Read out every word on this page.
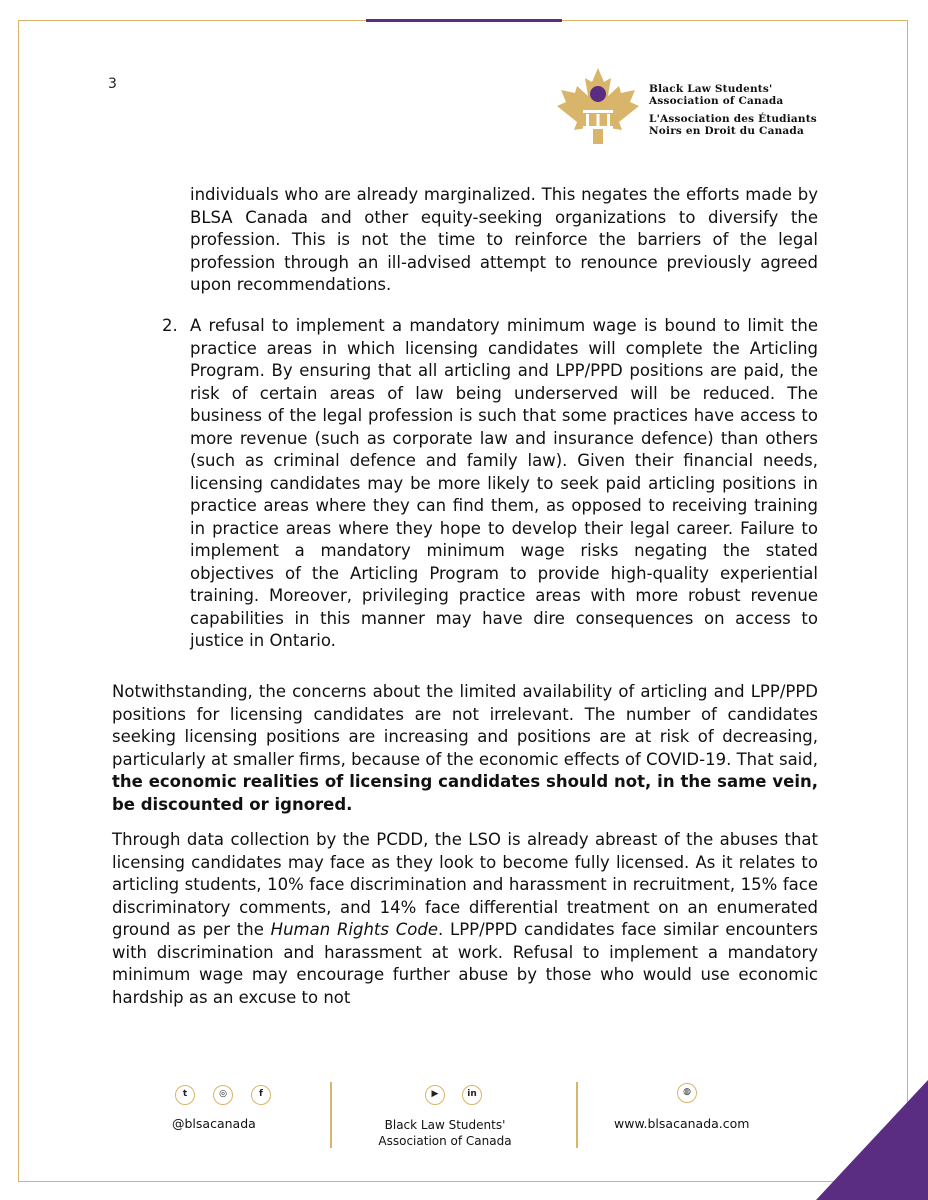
3	Black Law Students'
Association of Canada
L'Association des Étudiants
Noirs en Droit du Canada

individuals who are already marginalized. This negates the efforts made by BLSA Canada and other equity-seeking organizations to diversify the profession. This is not the time to reinforce the barriers of the legal profession through an ill-advised attempt to renounce previously agreed upon recommendations.

2. A refusal to implement a mandatory minimum wage is bound to limit the practice areas in which licensing candidates will complete the Articling Program. By ensuring that all articling and LPP/PPD positions are paid, the risk of certain areas of law being underserved will be reduced. The business of the legal profession is such that some practices have access to more revenue (such as corporate law and insurance defence) than others (such as criminal defence and family law). Given their financial needs, licensing candidates may be more likely to seek paid articling positions in practice areas where they can find them, as opposed to receiving training in practice areas where they hope to develop their legal career. Failure to implement a mandatory minimum wage risks negating the stated objectives of the Articling Program to provide high-quality experiential training. Moreover, privileging practice areas with more robust revenue capabilities in this manner may have dire consequences on access to justice in Ontario.

Notwithstanding, the concerns about the limited availability of articling and LPP/PPD positions for licensing candidates are not irrelevant. The number of candidates seeking licensing positions are increasing and positions are at risk of decreasing, particularly at smaller firms, because of the economic effects of COVID-19. That said, the economic realities of licensing candidates should not, in the same vein, be discounted or ignored.

Through data collection by the PCDD, the LSO is already abreast of the abuses that licensing candidates may face as they look to become fully licensed. As it relates to articling students, 10% face discrimination and harassment in recruitment, 15% face discriminatory comments, and 14% face differential treatment on an enumerated ground as per the Human Rights Code. LPP/PPD candidates face similar encounters with discrimination and harassment at work. Refusal to implement a mandatory minimum wage may encourage further abuse by those who would use economic hardship as an excuse to not

t	◎	f
@blsacanada
▶	in
Black Law Students'
Association of Canada
◍
www.blsacanada.com
